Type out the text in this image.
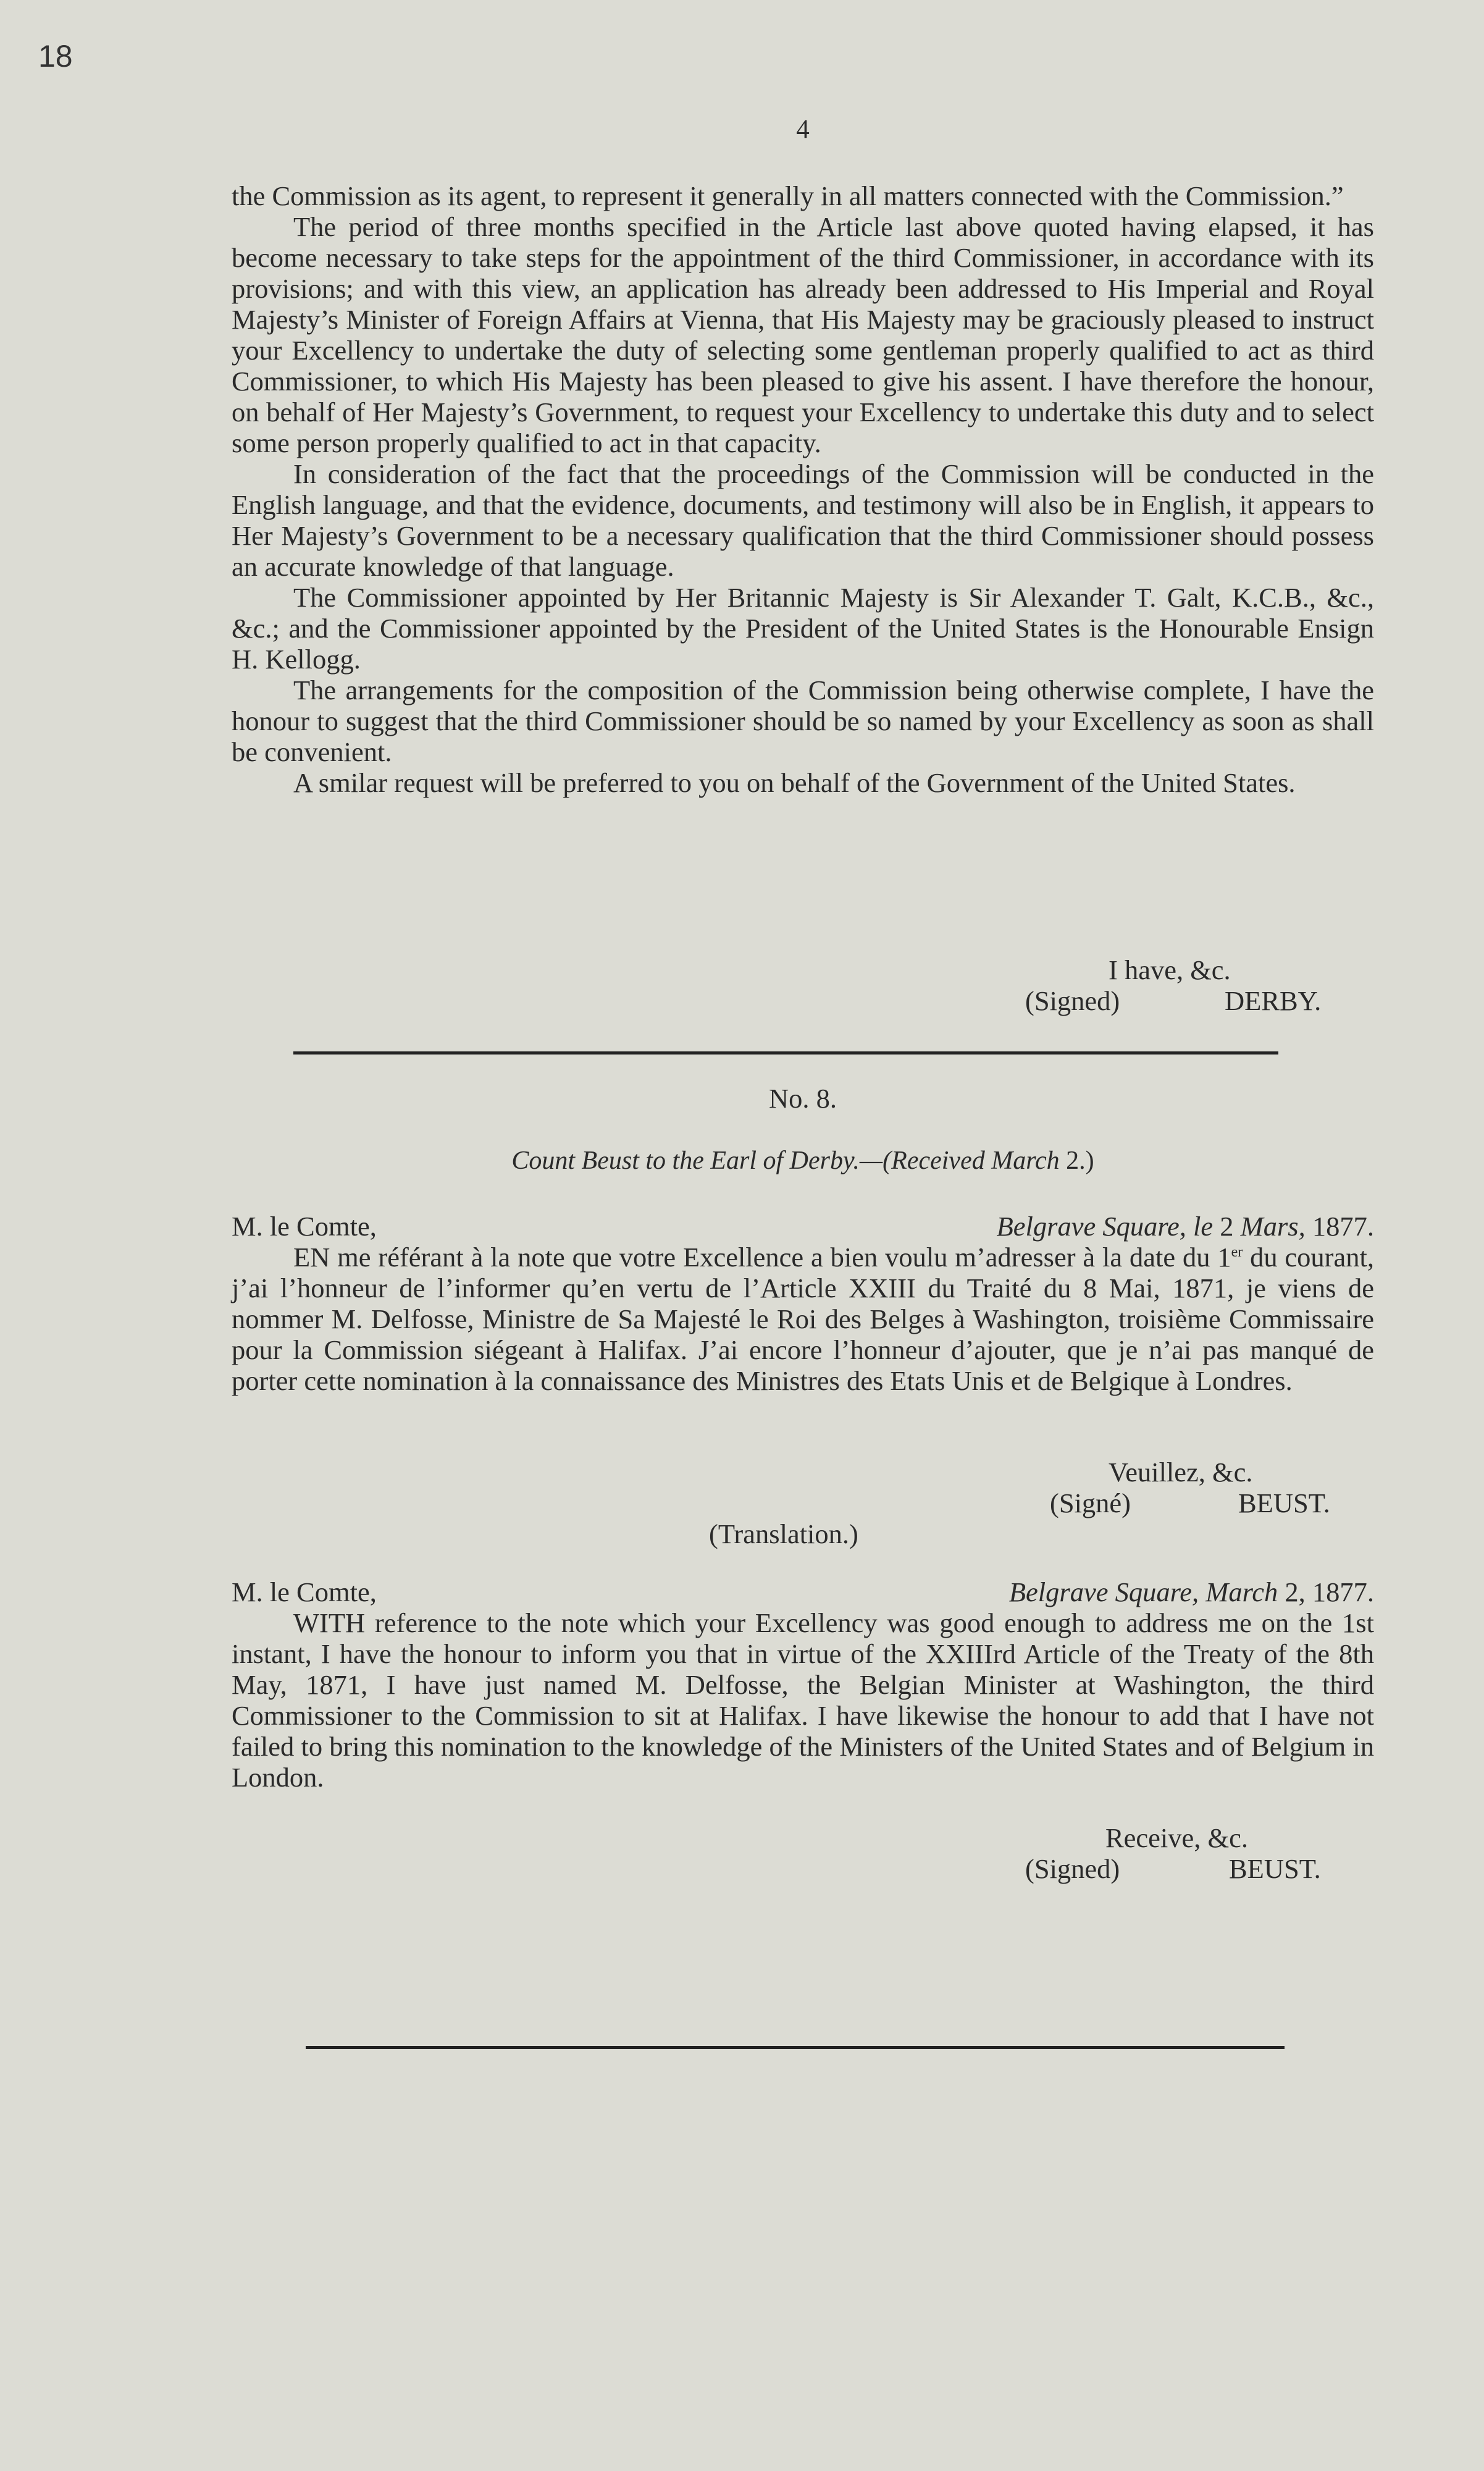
18
4

the Commission as its agent, to represent it generally in all matters connected with the Commission.”

The period of three months specified in the Article last above quoted having elapsed, it has become necessary to take steps for the appointment of the third Commissioner, in accordance with its provisions; and with this view, an application has already been addressed to His Imperial and Royal Majesty’s Minister of Foreign Affairs at Vienna, that His Majesty may be graciously pleased to instruct your Excellency to undertake the duty of selecting some gentleman properly qualified to act as third Commissioner, to which His Majesty has been pleased to give his assent. I have therefore the honour, on behalf of Her Majesty’s Government, to request your Excellency to undertake this duty and to select some person properly qualified to act in that capacity.

In consideration of the fact that the proceedings of the Commission will be conducted in the English language, and that the evidence, documents, and testimony will also be in English, it appears to Her Majesty’s Government to be a necessary qualification that the third Commissioner should possess an accurate knowledge of that language.

The Commissioner appointed by Her Britannic Majesty is Sir Alexander T. Galt, K.C.B., &c., &c.; and the Commissioner appointed by the President of the United States is the Honourable Ensign H. Kellogg.

The arrangements for the composition of the Commission being otherwise complete, I have the honour to suggest that the third Commissioner should be so named by your Excellency as soon as shall be convenient.

A smilar request will be preferred to you on behalf of the Government of the United States.

I have, &c.
(Signed)	DERBY.
No. 8.
Count Beust to the Earl of Derby.—(Received March 2.)
M. le Comte,	Belgrave Square, le 2 Mars, 1877.

EN me référant à la note que votre Excellence a bien voulu m’adresser à la date du 1er du courant, j’ai l’honneur de l’informer qu’en vertu de l’Article XXIII du Traité du 8 Mai, 1871, je viens de nommer M. Delfosse, Ministre de Sa Majesté le Roi des Belges à Washington, troisième Commissaire pour la Commission siégeant à Halifax. J’ai encore l’honneur d’ajouter, que je n’ai pas manqué de porter cette nomination à la connaissance des Ministres des Etats Unis et de Belgique à Londres.

Veuillez, &c.
(Signé)	BEUST.
(Translation.)
M. le Comte,	Belgrave Square, March 2, 1877.

WITH reference to the note which your Excellency was good enough to address me on the 1st instant, I have the honour to inform you that in virtue of the XXIIIrd Article of the Treaty of the 8th May, 1871, I have just named M. Delfosse, the Belgian Minister at Washington, the third Commissioner to the Commission to sit at Halifax. I have likewise the honour to add that I have not failed to bring this nomination to the knowledge of the Ministers of the United States and of Belgium in London.

Receive, &c.
(Signed)	BEUST.
